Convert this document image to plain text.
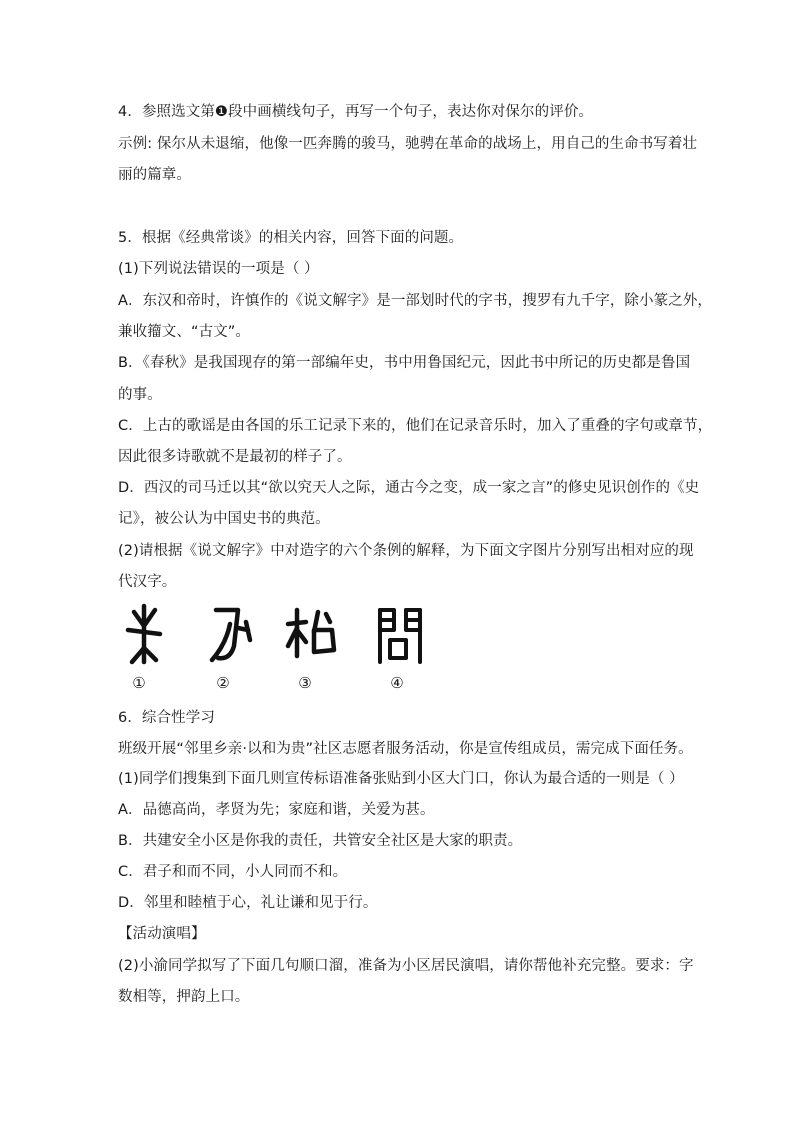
4．参照选文第❶段中画横线句子，再写一个句子，表达你对保尔的评价。
示例: 保尔从未退缩，他像一匹奔腾的骏马，驰骋在革命的战场上，用自己的生命书写着壮
丽的篇章。
5．根据《经典常谈》的相关内容，回答下面的问题。
(1)下列说法错误的一项是（ ）
A．东汉和帝时，许慎作的《说文解字》是一部划时代的字书，搜罗有九千字，除小篆之外，
兼收籀文、“古文”。
B．《春秋》是我国现存的第一部编年史，书中用鲁国纪元，因此书中所记的历史都是鲁国
的事。
C．上古的歌谣是由各国的乐工记录下来的，他们在记录音乐时，加入了重叠的字句或章节，
因此很多诗歌就不是最初的样子了。
D．西汉的司马迁以其“欲以究天人之际，通古今之变，成一家之言”的修史见识创作的《史
记》，被公认为中国史书的典范。
(2)请根据《说文解字》中对造字的六个条例的解释，为下面文字图片分别写出相对应的现
代汉字。
①	②	③	④
6．综合性学习
班级开展“邻里乡亲·以和为贵”社区志愿者服务活动，你是宣传组成员，需完成下面任务。
(1)同学们搜集到下面几则宣传标语准备张贴到小区大门口，你认为最合适的一则是（ ）
A．品德高尚，孝贤为先；家庭和谐，关爱为甚。
B．共建安全小区是你我的责任，共管安全社区是大家的职责。
C．君子和而不同，小人同而不和。
D．邻里和睦植于心，礼让谦和见于行。
【活动演唱】
(2)小渝同学拟写了下面几句顺口溜，准备为小区居民演唱，请你帮他补充完整。要求：字
数相等，押韵上口。
